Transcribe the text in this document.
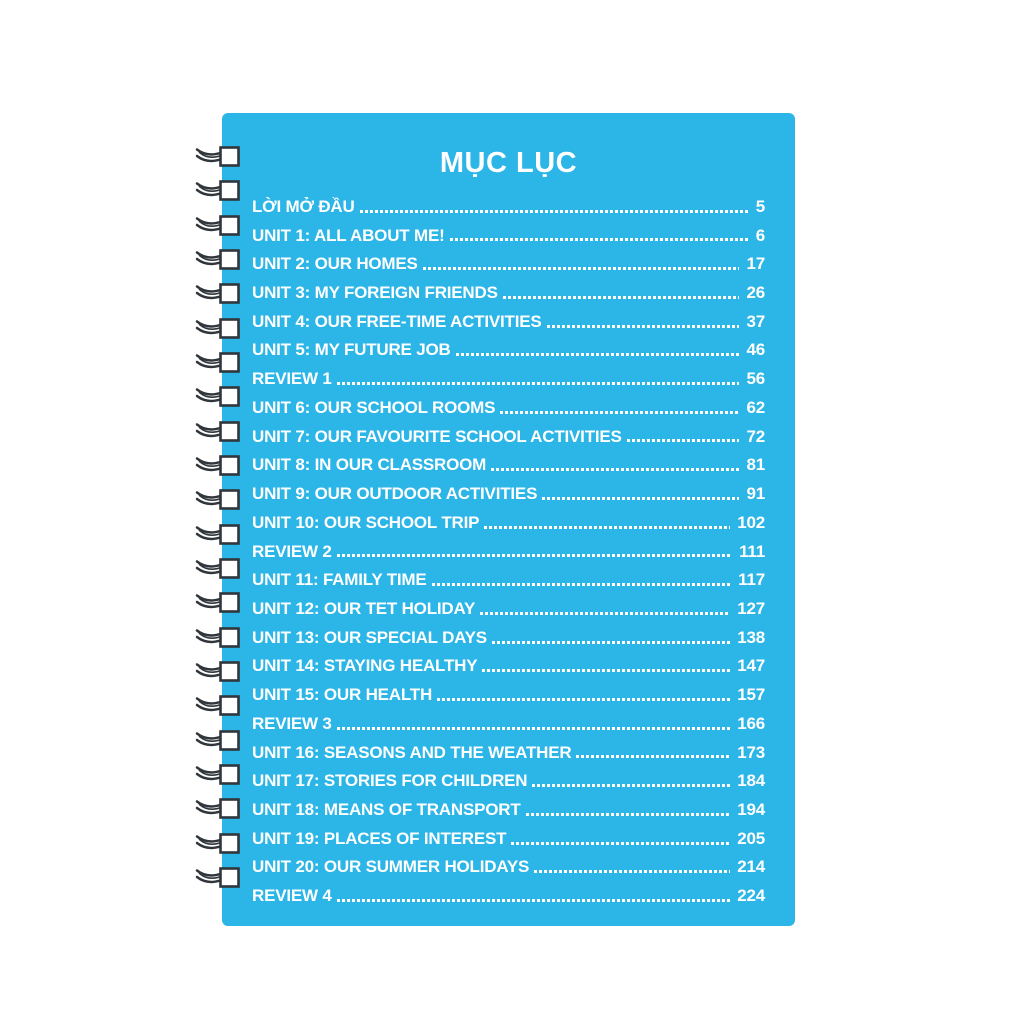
MỤC LỤC
LỜI MỞ ĐẦU	5
UNIT 1: ALL ABOUT ME!	6
UNIT 2: OUR HOMES	17
UNIT 3: MY FOREIGN FRIENDS	26
UNIT 4: OUR FREE-TIME ACTIVITIES	37
UNIT 5: MY FUTURE JOB	46
REVIEW 1	56
UNIT 6: OUR SCHOOL ROOMS	62
UNIT 7: OUR FAVOURITE SCHOOL ACTIVITIES	72
UNIT 8: IN OUR CLASSROOM	81
UNIT 9: OUR OUTDOOR ACTIVITIES	91
UNIT 10: OUR SCHOOL TRIP	102
REVIEW 2	111
UNIT 11: FAMILY TIME	117
UNIT 12: OUR TET HOLIDAY	127
UNIT 13: OUR SPECIAL DAYS	138
UNIT 14: STAYING HEALTHY	147
UNIT 15: OUR HEALTH	157
REVIEW 3	166
UNIT 16: SEASONS AND THE WEATHER	173
UNIT 17: STORIES FOR CHILDREN	184
UNIT 18: MEANS OF TRANSPORT	194
UNIT 19: PLACES OF INTEREST	205
UNIT 20: OUR SUMMER HOLIDAYS	214
REVIEW 4	224
